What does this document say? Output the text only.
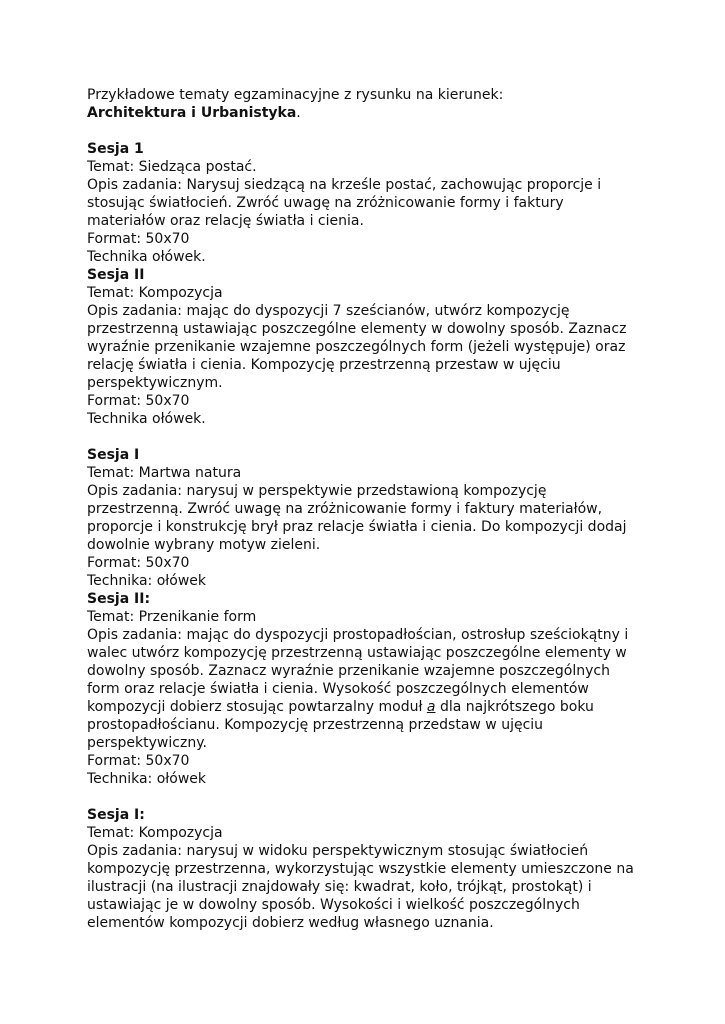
Przykładowe tematy egzaminacyjne z rysunku na kierunek:
Architektura i Urbanistyka.
Sesja 1
Temat: Siedząca postać.
Opis zadania: Narysuj siedzącą na krześle postać, zachowując proporcje i
stosując światłocień. Zwróć uwagę na zróżnicowanie formy i faktury
materiałów oraz relację światła i cienia.
Format: 50x70
Technika ołówek.
Sesja II
Temat: Kompozycja
Opis zadania: mając do dyspozycji 7 sześcianów, utwórz kompozycję
przestrzenną ustawiając poszczególne elementy w dowolny sposób. Zaznacz
wyraźnie przenikanie wzajemne poszczególnych form (jeżeli występuje) oraz
relację światła i cienia. Kompozycję przestrzenną przestaw w ujęciu
perspektywicznym.
Format: 50x70
Technika ołówek.
Sesja I
Temat: Martwa natura
Opis zadania: narysuj w perspektywie przedstawioną kompozycję
przestrzenną. Zwróć uwagę na zróżnicowanie formy i faktury materiałów,
proporcje i konstrukcję brył praz relacje światła i cienia. Do kompozycji dodaj
dowolnie wybrany motyw zieleni.
Format: 50x70
Technika: ołówek
Sesja II:
Temat: Przenikanie form
Opis zadania: mając do dyspozycji prostopadłościan, ostrosłup sześciokątny i
walec utwórz kompozycję przestrzenną ustawiając poszczególne elementy w
dowolny sposób. Zaznacz wyraźnie przenikanie wzajemne poszczególnych
form oraz relacje światła i cienia. Wysokość poszczególnych elementów
kompozycji dobierz stosując powtarzalny moduł a dla najkrótszego boku
prostopadłościanu. Kompozycję przestrzenną przedstaw w ujęciu
perspektywiczny.
Format: 50x70
Technika: ołówek
Sesja I:
Temat: Kompozycja
Opis zadania: narysuj w widoku perspektywicznym stosując światłocień
kompozycję przestrzenna, wykorzystując wszystkie elementy umieszczone na
ilustracji (na ilustracji znajdowały się: kwadrat, koło, trójkąt, prostokąt) i
ustawiając je w dowolny sposób. Wysokości i wielkość poszczególnych
elementów kompozycji dobierz według własnego uznania.
